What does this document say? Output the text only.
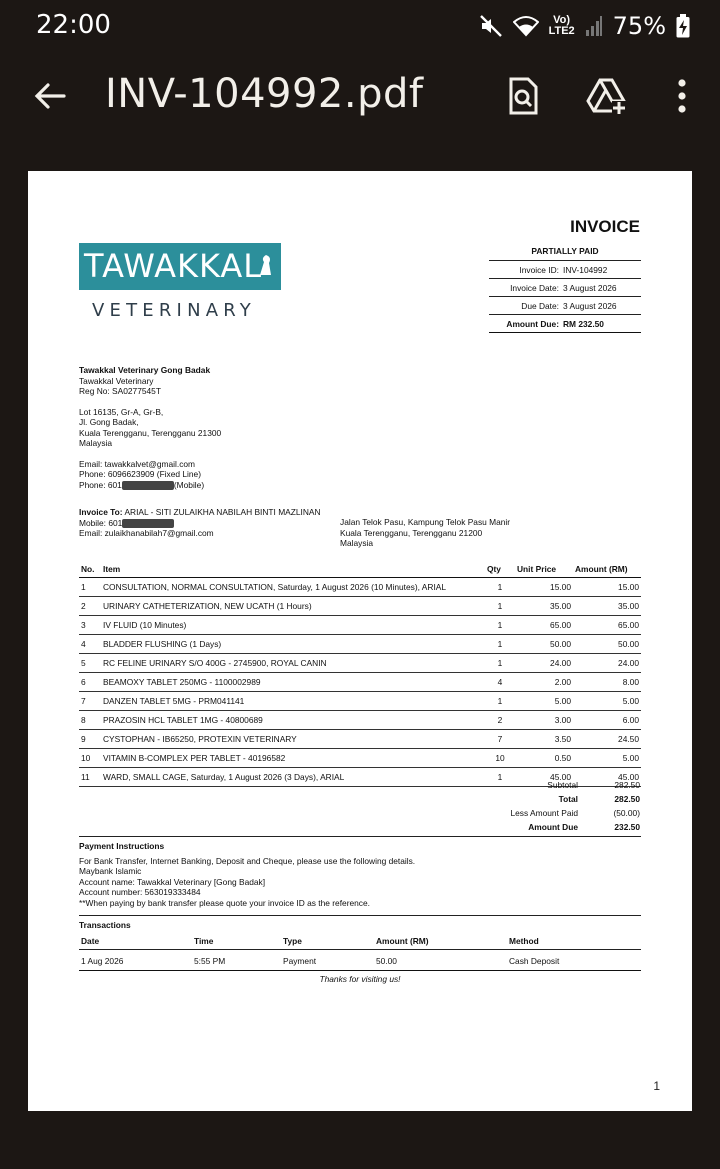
22:00	Vo)
LTE2 75%
INV-104992.pdf
INVOICE
TAWAKKAL
VETERINARY
PARTIALLY PAID
Invoice ID: INV-104992
Invoice Date: 3 August 2026
Due Date: 3 August 2026
Amount Due: RM 232.50
Tawakkal Veterinary Gong Badak
Tawakkal Veterinary
Reg No: SA0277545T
Lot 16135, Gr-A, Gr-B,
Jl. Gong Badak,
Kuala Terengganu, Terengganu 21300
Malaysia
Email: tawakkalvet@gmail.com
Phone: 6096623909 (Fixed Line)
Phone: 601	(Mobile)
Invoice To: ARIAL - SITI ZULAIKHA NABILAH BINTI MAZLINAN
Mobile: 601
Email: zulaikhanabilah7@gmail.com
Jalan Telok Pasu, Kampung Telok Pasu Manir
Kuala Terengganu, Terengganu 21200
Malaysia
No.	Item	Qty	Unit Price	Amount (RM)
1	CONSULTATION, NORMAL CONSULTATION, Saturday, 1 August 2026 (10 Minutes), ARIAL	1	15.00	15.00
2	URINARY CATHETERIZATION, NEW UCATH (1 Hours)	1	35.00	35.00
3	IV FLUID (10 Minutes)	1	65.00	65.00
4	BLADDER FLUSHING (1 Days)	1	50.00	50.00
5	RC FELINE URINARY S/O 400G - 2745900, ROYAL CANIN	1	24.00	24.00
6	BEAMOXY TABLET 250MG - 1100002989	4	2.00	8.00
7	DANZEN TABLET 5MG - PRM041141	1	5.00	5.00
8	PRAZOSIN HCL TABLET 1MG - 40800689	2	3.00	6.00
9	CYSTOPHAN - IB65250, PROTEXIN VETERINARY	7	3.50	24.50
10	VITAMIN B-COMPLEX PER TABLET - 40196582	10	0.50	5.00
11	WARD, SMALL CAGE, Saturday, 1 August 2026 (3 Days), ARIAL	1	45.00	45.00
Subtotal	282.50
Total	282.50
Less Amount Paid	(50.00)
Amount Due	232.50
Payment Instructions
For Bank Transfer, Internet Banking, Deposit and Cheque, please use the following details.
Maybank Islamic
Account name: Tawakkal Veterinary [Gong Badak]
Account number: 563019333484
**When paying by bank transfer please quote your invoice ID as the reference.
Transactions
Date	Time	Type	Amount (RM)	Method
1 Aug 2026	5:55 PM	Payment	50.00	Cash Deposit
Thanks for visiting us!
1
